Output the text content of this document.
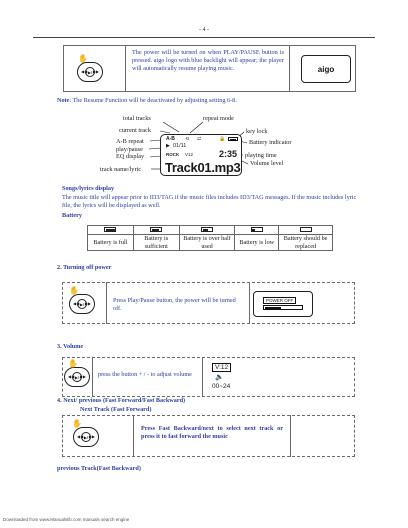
- 4 -
◀◀ ▶‖ ▶▶
✋
The power will be turned on when PLAY/PAUSE button is pressed. aigo logo with blue backlight will appear; the player will automatically resume playing music.	aigo
Note: The Resume Function will be deactivated by adjusting setting 6-8.
total tracks
current track
A-B repeat
play/pause
EQ display
track name/lyric
repeat mode
key lock
Battery indicator
playing time
Volume level
A-B ⟲ ⇄	🔒
▶ 01/11
ROCK V12	2:35
Track01.mp3
Songs/lyrics display
The music title will appear prior to ID3/TAG if the music files includes ID3/TAG messages. If the music includes lyric file, the lyrics will be displayed as well.
Battery

Battery is full	Battery is sufficient	Battery is over half used	Battery is low	Battery should be replaced
2. Turning off power
◀◀ ▶‖ ▶▶
✋
Press Play/Pause button, the power will be turned off.
POWER OFF
3. Volume
◀◀ ▶‖ ▶▶
✋
press the button + / - to adjust volume
V:12
🔈
00~24
4. Next/ previous (Fast Forward/Fast Backward)
Next Track (Fast Forward)
◀◀ ▶‖ ▶▶
✋
Press Fast Backward/next to select next track or press it to fast forward the music
previous Track(Fast Backward)
Downloaded from www.Manualslib.com manuals search engine
